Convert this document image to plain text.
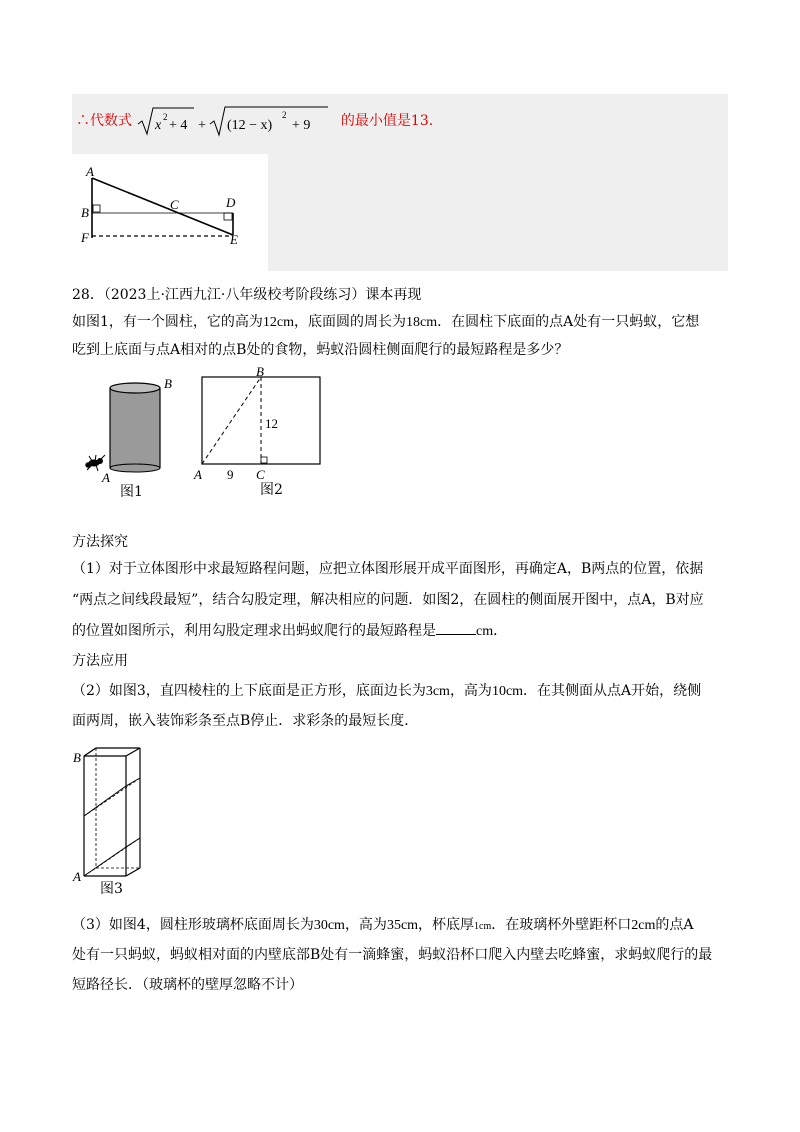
∴代数式 x
2
+ 4 + (12 − x)
2
+ 9 的最小值是13.
A
B
C	D
E
F
28．（2023上·江西九江·八年级校考阶段练习）课本再现
如图1，有一个圆柱，它的高为12cm，底面圆的周长为18cm．在圆柱下底面的点A处有一只蚂蚁，它想
吃到上底面与点A相对的点B处的食物，蚂蚁沿圆柱侧面爬行的最短路程是多少？
A
B
图1
B
12
A 9 C
图2
方法探究
（1）对于立体图形中求最短路程问题，应把立体图形展开成平面图形，再确定A，B两点的位置，依据
“两点之间线段最短”，结合勾股定理，解决相应的问题．如图2，在圆柱的侧面展开图中，点A，B对应
的位置如图所示，利用勾股定理求出蚂蚁爬行的最短路程是	cm．
方法应用
（2）如图3，直四棱柱的上下底面是正方形，底面边长为3cm，高为10cm．在其侧面从点A开始，绕侧
面两周，嵌入装饰彩条至点B停止．求彩条的最短长度．
B
A
图3
（3）如图4，圆柱形玻璃杯底面周长为30cm，高为35cm，杯底厚1cm．在玻璃杯外壁距杯口2cm的点A
处有一只蚂蚁，蚂蚁相对面的内壁底部B处有一滴蜂蜜，蚂蚁沿杯口爬入内壁去吃蜂蜜，求蚂蚁爬行的最
短路径长．（玻璃杯的壁厚忽略不计）
